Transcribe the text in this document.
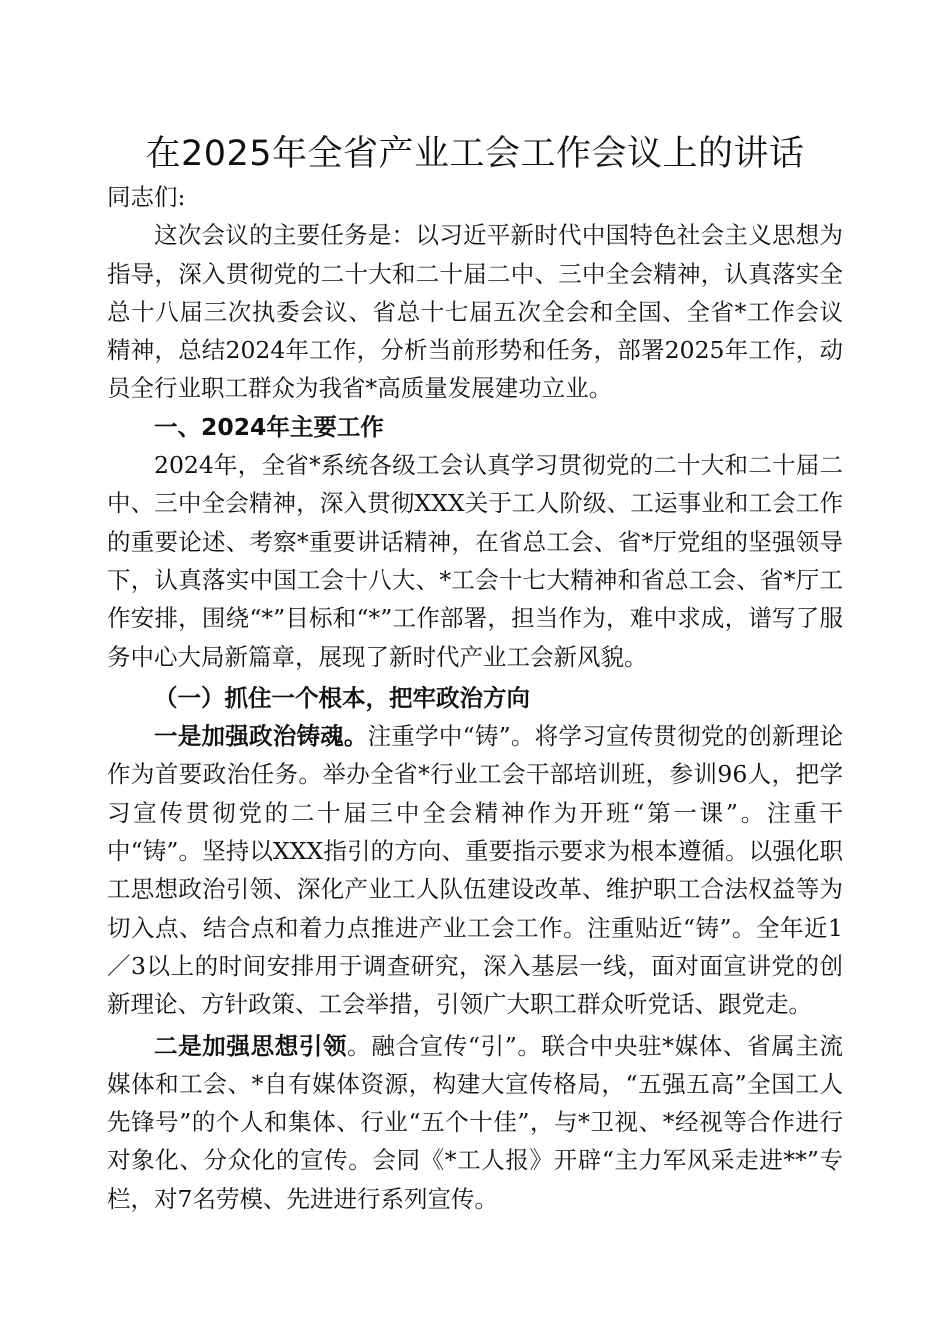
在2025年全省产业工会工作会议上的讲话

同志们:

这次会议的主要任务是：以习近平新时代中国特色社会主义思想为指导，深入贯彻党的二十大和二十届二中、三中全会精神，认真落实全总十八届三次执委会议、省总十七届五次全会和全国、全省*工作会议精神，总结2024年工作，分析当前形势和任务，部署2025年工作，动员全行业职工群众为我省*高质量发展建功立业。

一、2024年主要工作

2024年，全省*系统各级工会认真学习贯彻党的二十大和二十届二中、三中全会精神，深入贯彻XXX关于工人阶级、工运事业和工会工作的重要论述、考察*重要讲话精神，在省总工会、省*厅党组的坚强领导下，认真落实中国工会十八大、*工会十七大精神和省总工会、省*厅工作安排，围绕“*”目标和“*”工作部署，担当作为，难中求成，谱写了服务中心大局新篇章，展现了新时代产业工会新风貌。

（一）抓住一个根本，把牢政治方向

一是加强政治铸魂。注重学中“铸”。将学习宣传贯彻党的创新理论作为首要政治任务。举办全省*行业工会干部培训班，参训96人，把学习宣传贯彻党的二十届三中全会精神作为开班“第一课”。注重干中“铸”。坚持以XXX指引的方向、重要指示要求为根本遵循。以强化职工思想政治引领、深化产业工人队伍建设改革、维护职工合法权益等为切入点、结合点和着力点推进产业工会工作。注重贴近“铸”。全年近1／3以上的时间安排用于调查研究，深入基层一线，面对面宣讲党的创新理论、方针政策、工会举措，引领广大职工群众听党话、跟党走。

二是加强思想引领。融合宣传“引”。联合中央驻*媒体、省属主流媒体和工会、*自有媒体资源，构建大宣传格局，“五强五高”全国工人先锋号”的个人和集体、行业“五个十佳”，与*卫视、*经视等合作进行对象化、分众化的宣传。会同《*工人报》开辟“主力军风采走进**”专栏，对7名劳模、先进进行系列宣传。
